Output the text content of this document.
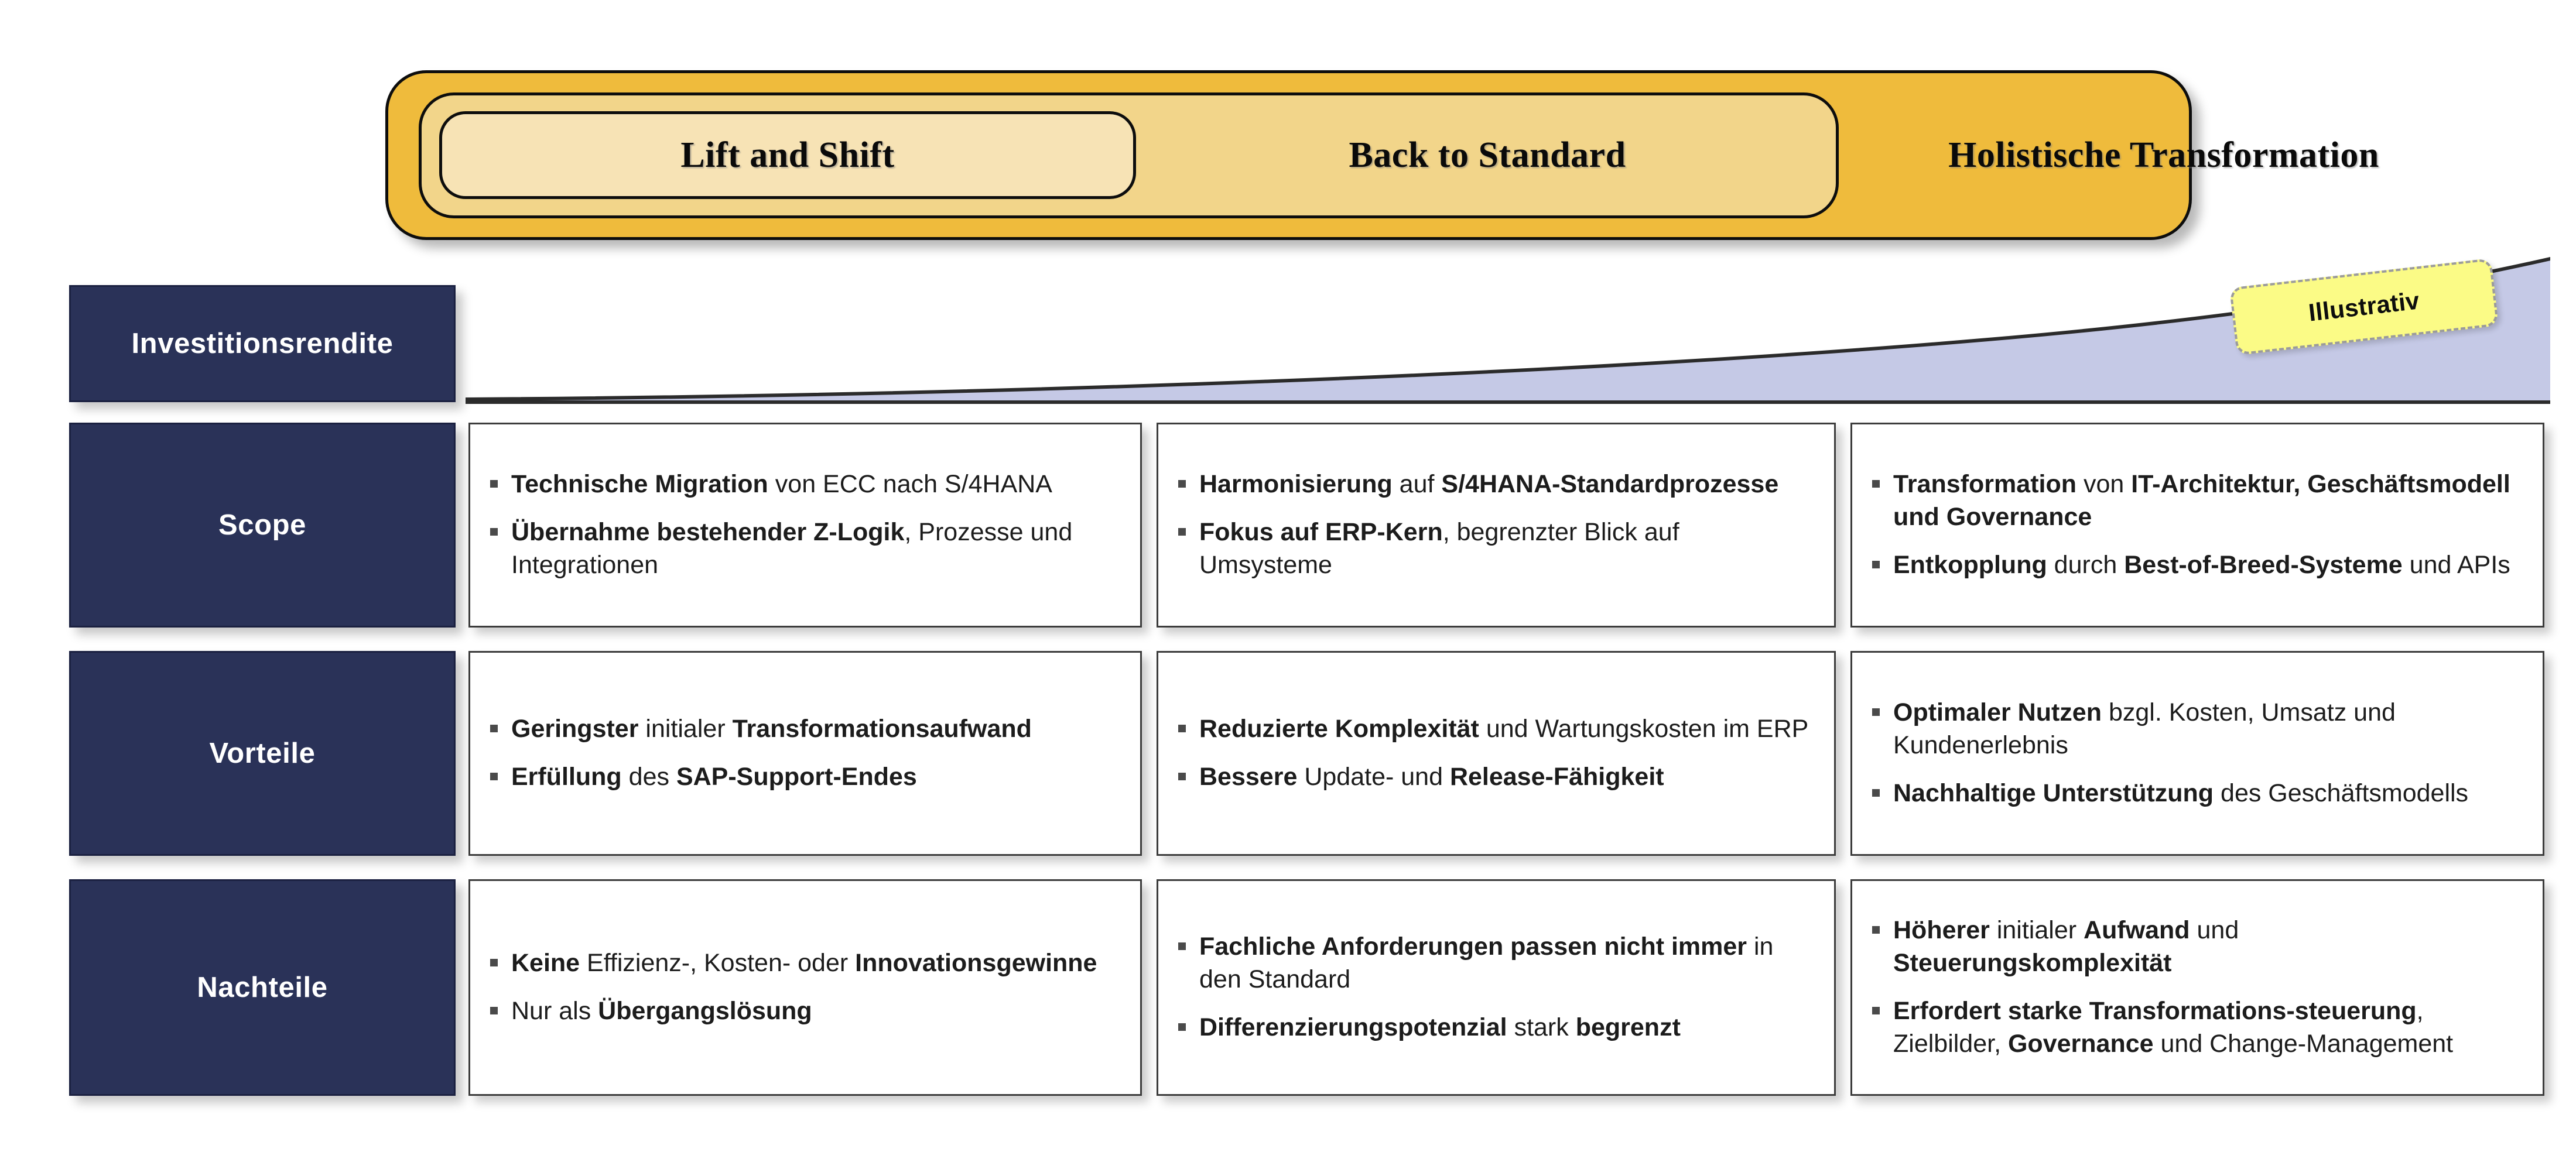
Lift and Shift	Back to Standard	Holistische Transformation
Investitionsrendite
Scope
Vorteile
Nachteile
Illustrativ
Technische Migration von ECC nach S/4HANA
Übernahme bestehender Z-Logik, Prozesse und Integrationen
Harmonisierung auf S/4HANA-Standardprozesse
Fokus auf ERP-Kern, begrenzter Blick auf Umsysteme
Transformation von IT-Architektur, Geschäftsmodell und Governance
Entkopplung durch Best-of-Breed-Systeme und APIs
Geringster initialer Transformationsaufwand
Erfüllung des SAP-Support-Endes
Reduzierte Komplexität und Wartungskosten im ERP
Bessere Update- und Release-Fähigkeit
Optimaler Nutzen bzgl. Kosten, Umsatz und Kundenerlebnis
Nachhaltige Unterstützung des Geschäftsmodells
Keine Effizienz-, Kosten- oder Innovationsgewinne
Nur als Übergangslösung
Fachliche Anforderungen passen nicht immer in den Standard
Differenzierungspotenzial stark begrenzt
Höherer initialer Aufwand und Steuerungskomplexität
Erfordert starke Transformations-steuerung, Zielbilder, Governance und Change-Management
